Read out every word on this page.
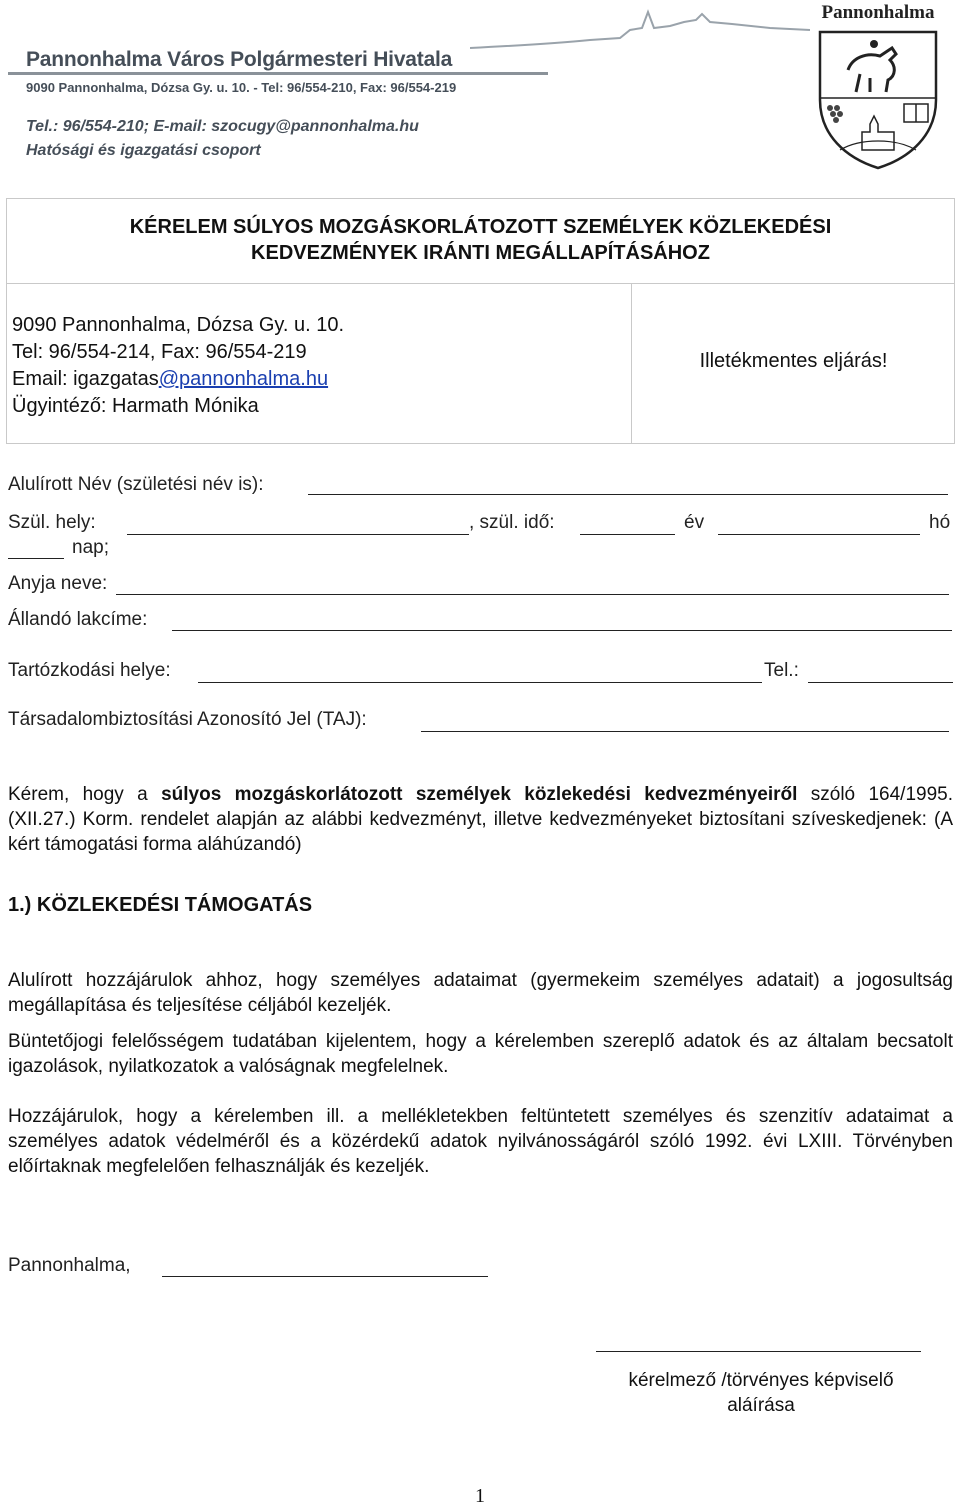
Pannonhalma Város Polgármesteri Hivatala
9090 Pannonhalma, Dózsa Gy. u. 10. - Tel: 96/554-210, Fax: 96/554-219
Tel.: 96/554-210; E-mail: szocugy@pannonhalma.hu
Hatósági és igazgatási csoport
Pannonhalma
KÉRELEM SÚLYOS MOZGÁSKORLÁTOZOTT SZEMÉLYEK KÖZLEKEDÉSI
KEDVEZMÉNYEK IRÁNTI MEGÁLLAPÍTÁSÁHOZ
9090 Pannonhalma, Dózsa Gy. u. 10.
Tel: 96/554-214, Fax: 96/554-219
Email: igazgatas@pannonhalma.hu
Ügyintéző: Harmath Mónika
Illetékmentes eljárás!
Alulírott Név (születési név is):
Szül. hely:	, szül. idő:	év	hó
nap;
Anyja neve:
Állandó lakcíme:
Tartózkodási helye:	Tel.:
Társadalombiztosítási Azonosító Jel (TAJ):
Kérem, hogy a súlyos mozgáskorlátozott személyek közlekedési kedvezményeiről szóló 164/1995. (XII.27.) Korm. rendelet alapján az alábbi kedvezményt, illetve kedvezményeket biztosítani szíveskedjenek: (A kért támogatási forma aláhúzandó)
1.) KÖZLEKEDÉSI TÁMOGATÁS
Alulírott hozzájárulok ahhoz, hogy személyes adataimat (gyermekeim személyes adatait) a jogosultság megállapítása és teljesítése céljából kezeljék.
Büntetőjogi felelősségem tudatában kijelentem, hogy a kérelemben szereplő adatok és az általam becsatolt igazolások, nyilatkozatok a valóságnak megfelelnek.
Hozzájárulok, hogy a kérelemben ill. a mellékletekben feltüntetett személyes és szenzitív adataimat a személyes adatok védelméről és a közérdekű adatok nyilvánosságáról szóló 1992. évi LXIII. Törvényben előírtaknak megfelelően felhasználják és kezeljék.
Pannonhalma,
kérelmező /törvényes képviselő
aláírása
1
